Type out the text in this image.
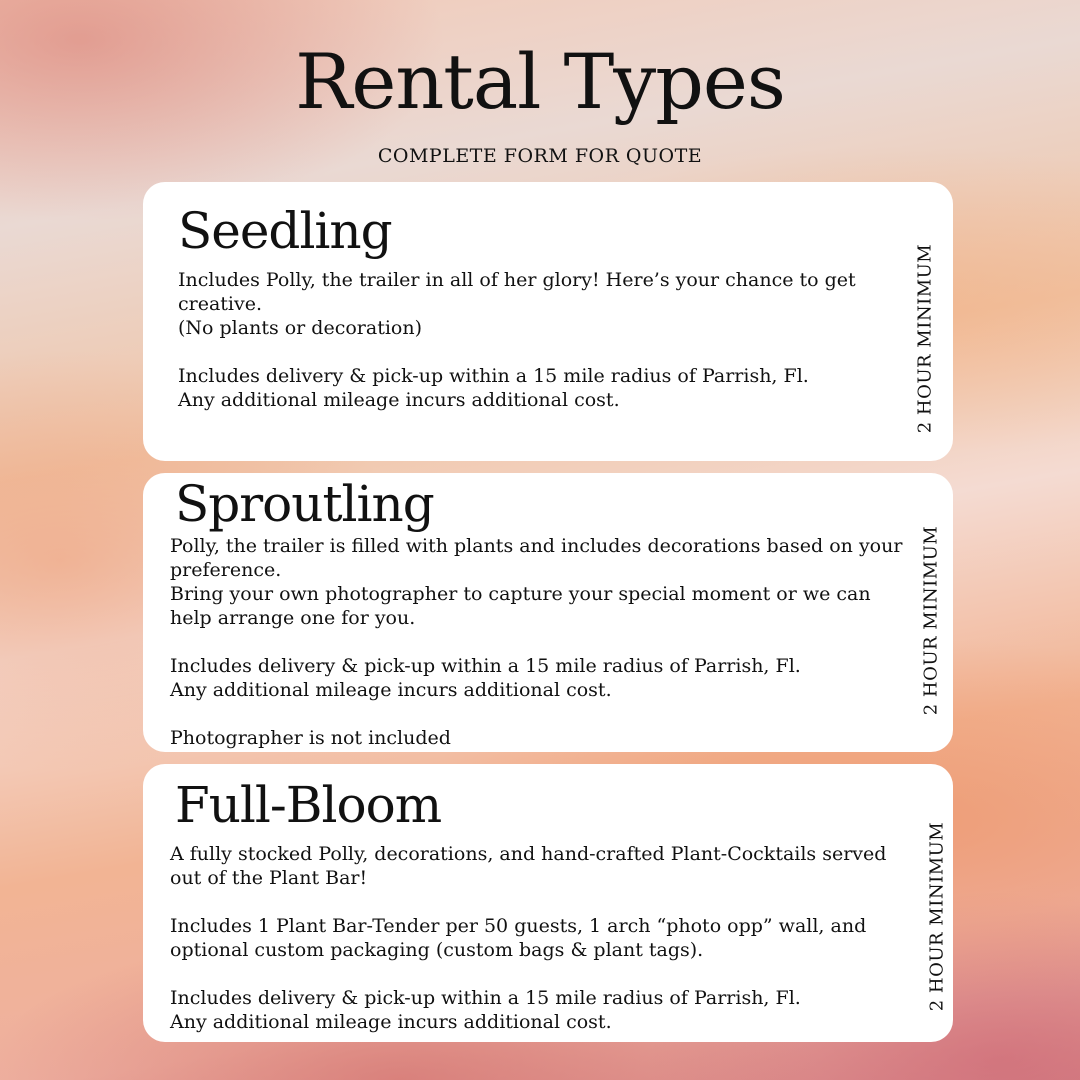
Rental Types

COMPLETE FORM FOR QUOTE

Seedling

Includes Polly, the trailer in all of her glory! Here’s your chance to get creative.
(No plants or decoration)

Includes delivery & pick-up within a 15 mile radius of Parrish, Fl.
Any additional mileage incurs additional cost.	2 HOUR MINIMUM
Sproutling

Polly, the trailer is filled with plants and includes decorations based on your preference.
Bring your own photographer to capture your special moment or we can help arrange one for you.

Includes delivery & pick-up within a 15 mile radius of Parrish, Fl.
Any additional mileage incurs additional cost.

Photographer is not included

2 HOUR MINIMUM
Full-Bloom

A fully stocked Polly, decorations, and hand-crafted Plant-Cocktails served out of the Plant Bar!

Includes 1 Plant Bar-Tender per 50 guests, 1 arch “photo opp” wall, and optional custom packaging (custom bags & plant tags).

Includes delivery & pick-up within a 15 mile radius of Parrish, Fl.
Any additional mileage incurs additional cost.

2 HOUR MINIMUM
